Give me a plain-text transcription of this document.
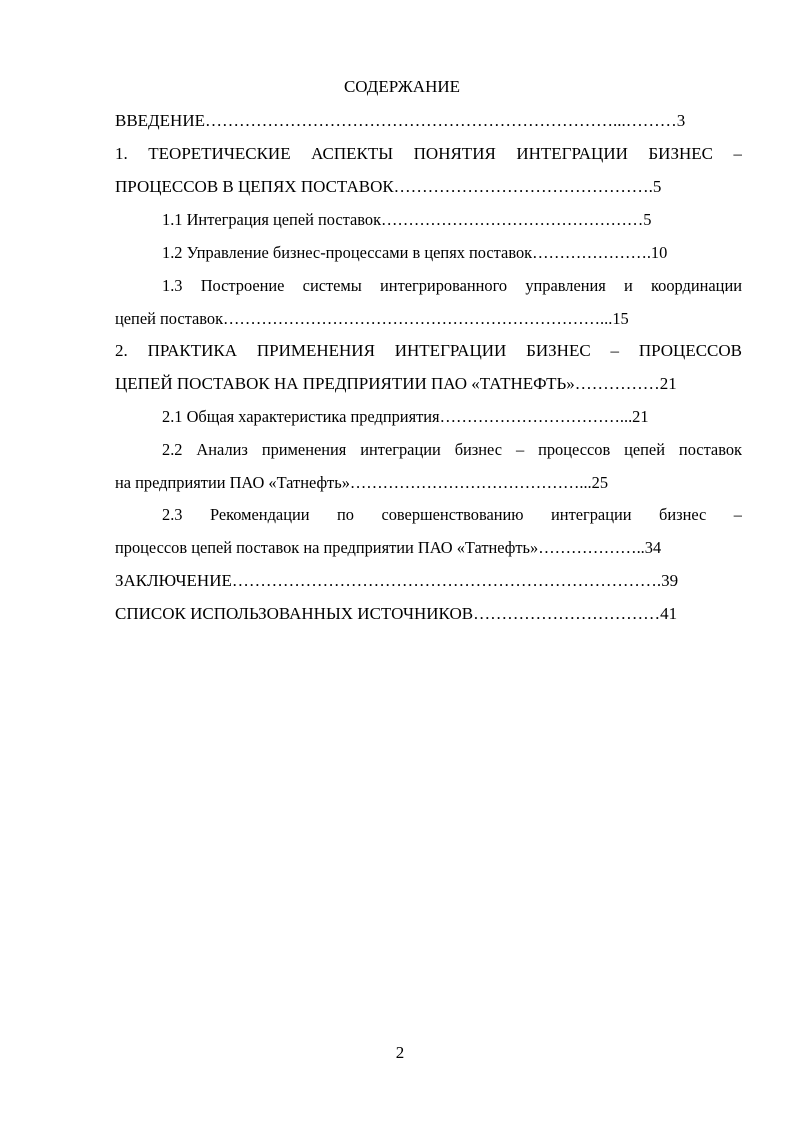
СОДЕРЖАНИЕ
ВВЕДЕНИЕ………………………………………………………………...………3
1. ТЕОРЕТИЧЕСКИЕ АСПЕКТЫ ПОНЯТИЯ ИНТЕГРАЦИИ БИЗНЕС –
ПРОЦЕССОВ В ЦЕПЯХ ПОСТАВОК……………………………………….5
1.1 Интеграция цепей поставок…………………………………………5
1.2 Управление бизнес-процессами в цепях поставок………………….10
1.3 Построение системы интегрированного управления и координации
цепей поставок……………………………………………………………...15
2. ПРАКТИКА ПРИМЕНЕНИЯ ИНТЕГРАЦИИ БИЗНЕС – ПРОЦЕССОВ
ЦЕПЕЙ ПОСТАВОК НА ПРЕДПРИЯТИИ ПАО «ТАТНЕФТЬ»……………21
2.1 Общая характеристика предприятия……………………………...21
2.2 Анализ применения интеграции бизнес – процессов цепей поставок
на предприятии ПАО «Татнефть»……………………………………...25
2.3 Рекомендации по совершенствованию интеграции бизнес –
процессов цепей поставок на предприятии ПАО «Татнефть»………………..34
ЗАКЛЮЧЕНИЕ………………………………………………………………….39
СПИСОК ИСПОЛЬЗОВАННЫХ ИСТОЧНИКОВ……………………………41
2
